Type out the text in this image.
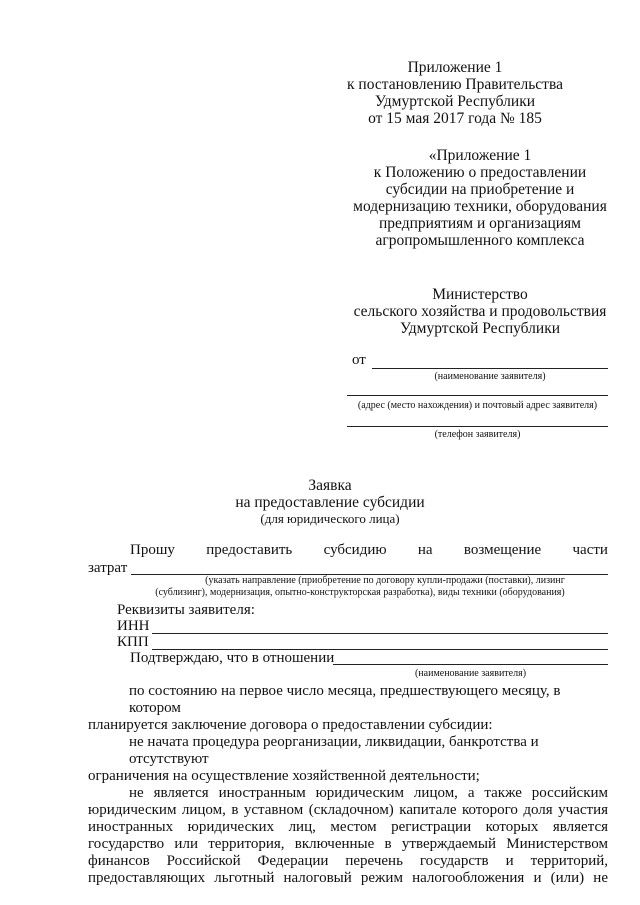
Приложение 1
к постановлению Правительства
Удмуртской Республики
от 15 мая 2017 года № 185
«Приложение 1
к Положению о предоставлении
субсидии на приобретение и
модернизацию техники, оборудования
предприятиям и организациям
агропромышленного комплекса
Министерство
сельского хозяйства и продовольствия
Удмуртской Республики
от
(наименование заявителя)
(адрес (место нахождения) и почтовый адрес заявителя)
(телефон заявителя)
Заявка
на предоставление субсидии
(для юридического лица)
Прошу предоставить субсидию на возмещение части
затрат
(указать направление (приобретение по договору купли-продажи (поставки), лизинг
(сублизинг), модернизация, опытно-конструкторская разработка), виды техники (оборудования)
Реквизиты заявителя:
ИНН
КПП
Подтверждаю, что в отношении
(наименование заявителя)
по состоянию на первое число месяца, предшествующего месяцу, в котором
планируется заключение договора о предоставлении субсидии:
не начата процедура реорганизации, ликвидации, банкротства и отсутствуют
ограничения на осуществление хозяйственной деятельности;
не является иностранным юридическим лицом, а также российским
юридическим лицом, в уставном (складочном) капитале которого доля участия
иностранных юридических лиц, местом регистрации которых является
государство или территория, включенные в утверждаемый Министерством
финансов Российской Федерации перечень государств и территорий,
предоставляющих льготный налоговый режим налогообложения и (или) не
